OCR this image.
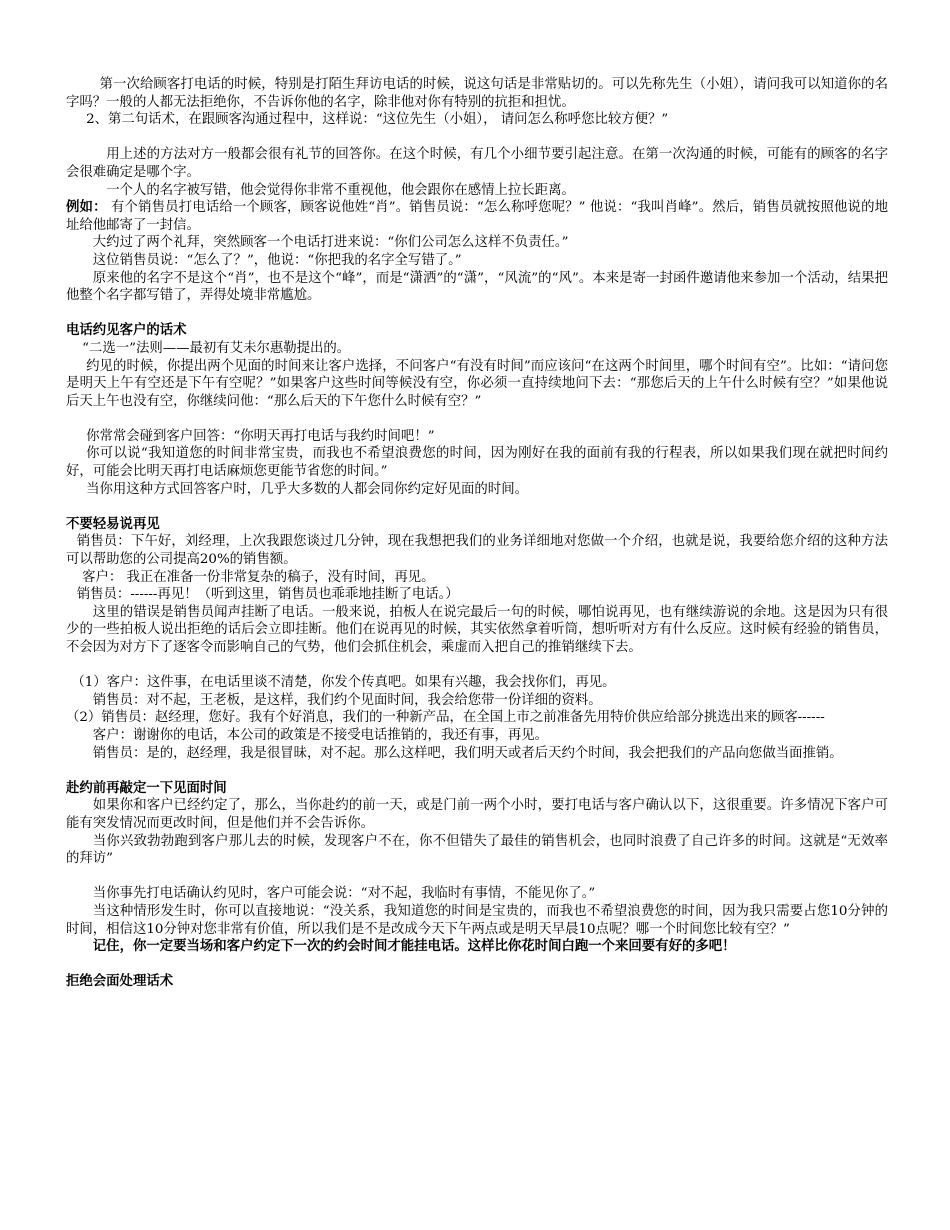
第一次给顾客打电话的时候，特别是打陌生拜访电话的时候，说这句话是非常贴切的。可以先称先生（小姐），请问我可以知道你的名字吗？一般的人都无法拒绝你，不告诉你他的名字，除非他对你有特别的抗拒和担忧。

2、第二句话术，在跟顾客沟通过程中，这样说：“这位先生（小姐）， 请问怎么称呼您比较方便？”

用上述的方法对方一般都会很有礼节的回答你。在这个时候，有几个小细节要引起注意。在第一次沟通的时候，可能有的顾客的名字会很难确定是哪个字。

一个人的名字被写错，他会觉得你非常不重视他，他会跟你在感情上拉长距离。

例如： 有个销售员打电话给一个顾客，顾客说他姓“肖”。销售员说：“怎么称呼您呢？” 他说：“我叫肖峰”。然后，销售员就按照他说的地址给他邮寄了一封信。

大约过了两个礼拜，突然顾客一个电话打进来说：“你们公司怎么这样不负责任。”

这位销售员说：“怎么了？”，他说：“你把我的名字全写错了。”

原来他的名字不是这个“肖”，也不是这个“峰”，而是“潇洒”的“潇”，“风流”的“风”。本来是寄一封函件邀请他来参加一个活动，结果把他整个名字都写错了，弄得处境非常尴尬。

电话约见客户的话术

“二选一”法则——最初有艾未尔惠勒提出的。

约见的时候，你提出两个见面的时间来让客户选择，不问客户“有没有时间”而应该问“在这两个时间里，哪个时间有空”。比如：“请问您是明天上午有空还是下午有空呢？”如果客户这些时间等候没有空，你必须一直持续地问下去：“那您后天的上午什么时候有空？”如果他说后天上午也没有空，你继续问他：“那么后天的下午您什么时候有空？”

你常常会碰到客户回答：“你明天再打电话与我约时间吧！”

你可以说“我知道您的时间非常宝贵，而我也不希望浪费您的时间，因为刚好在我的面前有我的行程表，所以如果我们现在就把时间约好，可能会比明天再打电话麻烦您更能节省您的时间。”

当你用这种方式回答客户时，几乎大多数的人都会同你约定好见面的时间。

不要轻易说再见

销售员：下午好，刘经理，上次我跟您谈过几分钟，现在我想把我们的业务详细地对您做一个介绍，也就是说，我要给您介绍的这种方法可以帮助您的公司提高20%的销售额。

客户： 我正在准备一份非常复杂的稿子，没有时间，再见。

销售员：------再见！（听到这里，销售员也乖乖地挂断了电话。）

这里的错误是销售员闻声挂断了电话。一般来说，拍板人在说完最后一句的时候，哪怕说再见，也有继续游说的余地。这是因为只有很少的一些拍板人说出拒绝的话后会立即挂断。他们在说再见的时候，其实依然拿着听筒，想听听对方有什么反应。这时候有经验的销售员，不会因为对方下了逐客令而影响自己的气势，他们会抓住机会，乘虚而入把自己的推销继续下去。

（1）客户：这件事，在电话里谈不清楚，你发个传真吧。如果有兴趣，我会找你们，再见。

销售员：对不起，王老板，是这样，我们约个见面时间，我会给您带一份详细的资料。

（2）销售员：赵经理，您好。我有个好消息，我们的一种新产品，在全国上市之前准备先用特价供应给部分挑选出来的顾客------

客户：谢谢你的电话，本公司的政策是不接受电话推销的，我还有事，再见。

销售员：是的，赵经理，我是很冒昧，对不起。那么这样吧，我们明天或者后天约个时间，我会把我们的产品向您做当面推销。

赴约前再敲定一下见面时间

如果你和客户已经约定了，那么，当你赴约的前一天，或是门前一两个小时，要打电话与客户确认以下，这很重要。许多情况下客户可能有突发情况而更改时间，但是他们并不会告诉你。

当你兴致勃勃跑到客户那儿去的时候，发现客户不在，你不但错失了最佳的销售机会，也同时浪费了自己许多的时间。这就是“无效率的拜访”

当你事先打电话确认约见时，客户可能会说：“对不起，我临时有事情，不能见你了。”

当这种情形发生时，你可以直接地说：“没关系，我知道您的时间是宝贵的，而我也不希望浪费您的时间，因为我只需要占您10分钟的时间，相信这10分钟对您非常有价值，所以我们是不是改成今天下午两点或是明天早晨10点呢？哪一个时间您比较有空？”

记住，你一定要当场和客户约定下一次的约会时间才能挂电话。这样比你花时间白跑一个来回要有好的多吧！

拒绝会面处理话术
